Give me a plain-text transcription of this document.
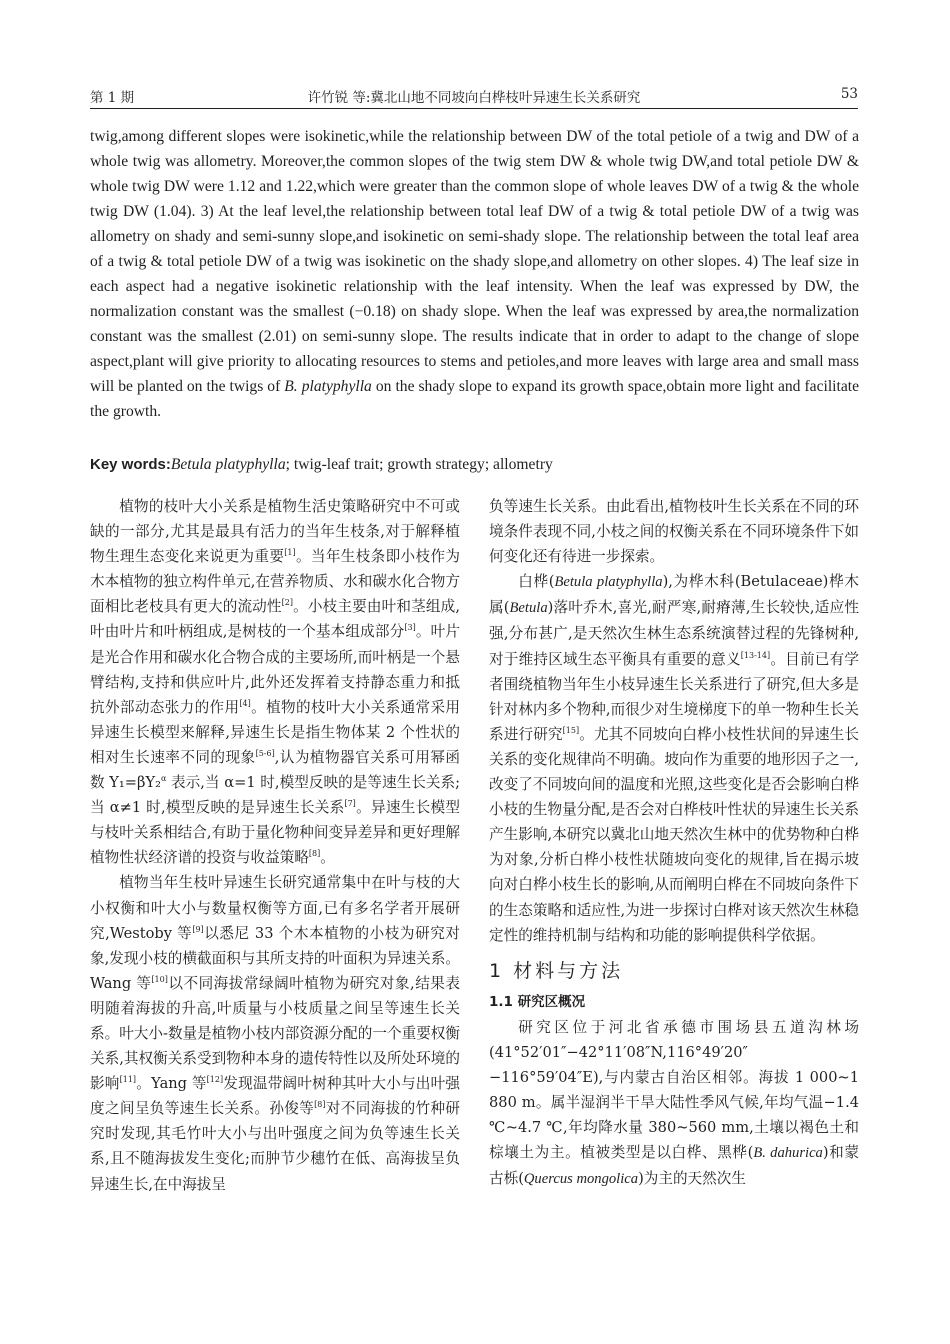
第 1 期	许竹锐 等:冀北山地不同坡向白桦枝叶异速生长关系研究	53

twig,among different slopes were isokinetic,while the relationship between DW of the total petiole of a twig and DW of a whole twig was allometry. Moreover,the common slopes of the twig stem DW & whole twig DW,and total petiole DW & whole twig DW were 1.12 and 1.22,which were greater than the common slope of whole leaves DW of a twig & the whole twig DW (1.04). 3) At the leaf level,the relationship between total leaf DW of a twig & total petiole DW of a twig was allometry on shady and semi-sunny slope,and isokinetic on semi-shady slope. The relationship between the total leaf area of a twig & total petiole DW of a twig was isokinetic on the shady slope,and allometry on other slopes. 4) The leaf size in each aspect had a negative isokinetic relationship with the leaf intensity. When the leaf was expressed by DW, the normalization constant was the smallest (−0.18) on shady slope. When the leaf was expressed by area,the normalization constant was the smallest (2.01) on semi-sunny slope. The results indicate that in order to adapt to the change of slope aspect,plant will give priority to allocating resources to stems and petioles,and more leaves with large area and small mass will be planted on the twigs of B. platyphylla on the shady slope to expand its growth space,obtain more light and facilitate the growth.

Key words:Betula platyphylla; twig-leaf trait; growth strategy; allometry

植物的枝叶大小关系是植物生活史策略研究中不可或缺的一部分,尤其是最具有活力的当年生枝条,对于解释植物生理生态变化来说更为重要[1]。当年生枝条即小枝作为木本植物的独立构件单元,在营养物质、水和碳水化合物方面相比老枝具有更大的流动性[2]。小枝主要由叶和茎组成,叶由叶片和叶柄组成,是树枝的一个基本组成部分[3]。叶片是光合作用和碳水化合物合成的主要场所,而叶柄是一个悬臂结构,支持和供应叶片,此外还发挥着支持静态重力和抵抗外部动态张力的作用[4]。植物的枝叶大小关系通常采用异速生长模型来解释,异速生长是指生物体某 2 个性状的相对生长速率不同的现象[5-6],认为植物器官关系可用幂函数 Y₁=βY₂$^\alpha$ 表示,当 α=1 时,模型反映的是等速生长关系;当 α≠1 时,模型反映的是异速生长关系[7]。异速生长模型与枝叶关系相结合,有助于量化物种间变异差异和更好理解植物性状经济谱的投资与收益策略[8]。

植物当年生枝叶异速生长研究通常集中在叶与枝的大小权衡和叶大小与数量权衡等方面,已有多名学者开展研究,Westoby 等[9]以悉尼 33 个木本植物的小枝为研究对象,发现小枝的横截面积与其所支持的叶面积为异速关系。Wang 等[10]以不同海拔常绿阔叶植物为研究对象,结果表明随着海拔的升高,叶质量与小枝质量之间呈等速生长关系。叶大小-数量是植物小枝内部资源分配的一个重要权衡关系,其权衡关系受到物种本身的遗传特性以及所处环境的影响[11]。Yang 等[12]发现温带阔叶树种其叶大小与出叶强度之间呈负等速生长关系。孙俊等[8]对不同海拔的竹种研究时发现,其毛竹叶大小与出叶强度之间为负等速生长关系,且不随海拔发生变化;而肿节少穗竹在低、高海拔呈负异速生长,在中海拔呈

负等速生长关系。由此看出,植物枝叶生长关系在不同的环境条件表现不同,小枝之间的权衡关系在不同环境条件下如何变化还有待进一步探索。

白桦(Betula platyphylla),为桦木科(Betulaceae)桦木属(Betula)落叶乔木,喜光,耐严寒,耐瘠薄,生长较快,适应性强,分布甚广,是天然次生林生态系统演替过程的先锋树种,对于维持区域生态平衡具有重要的意义[13-14]。目前已有学者围绕植物当年生小枝异速生长关系进行了研究,但大多是针对林内多个物种,而很少对生境梯度下的单一物种生长关系进行研究[15]。尤其不同坡向白桦小枝性状间的异速生长关系的变化规律尚不明确。坡向作为重要的地形因子之一,改变了不同坡向间的温度和光照,这些变化是否会影响白桦小枝的生物量分配,是否会对白桦枝叶性状的异速生长关系产生影响,本研究以冀北山地天然次生林中的优势物种白桦为对象,分析白桦小枝性状随坡向变化的规律,旨在揭示坡向对白桦小枝生长的影响,从而阐明白桦在不同坡向条件下的生态策略和适应性,为进一步探讨白桦对该天然次生林稳定性的维持机制与结构和功能的影响提供科学依据。

1 材料与方法
1.1 研究区概况

研究区位于河北省承德市围场县五道沟林场(41°52′01″−42°11′08″N,116°49′20″−116°59′04″E),与内蒙古自治区相邻。海拔 1 000~1 880 m。属半湿润半干旱大陆性季风气候,年均气温−1.4 ℃~4.7 ℃,年均降水量 380~560 mm,土壤以褐色土和棕壤土为主。植被类型是以白桦、黑桦(B. dahurica)和蒙古栎(Quercus mongolica)为主的天然次生
